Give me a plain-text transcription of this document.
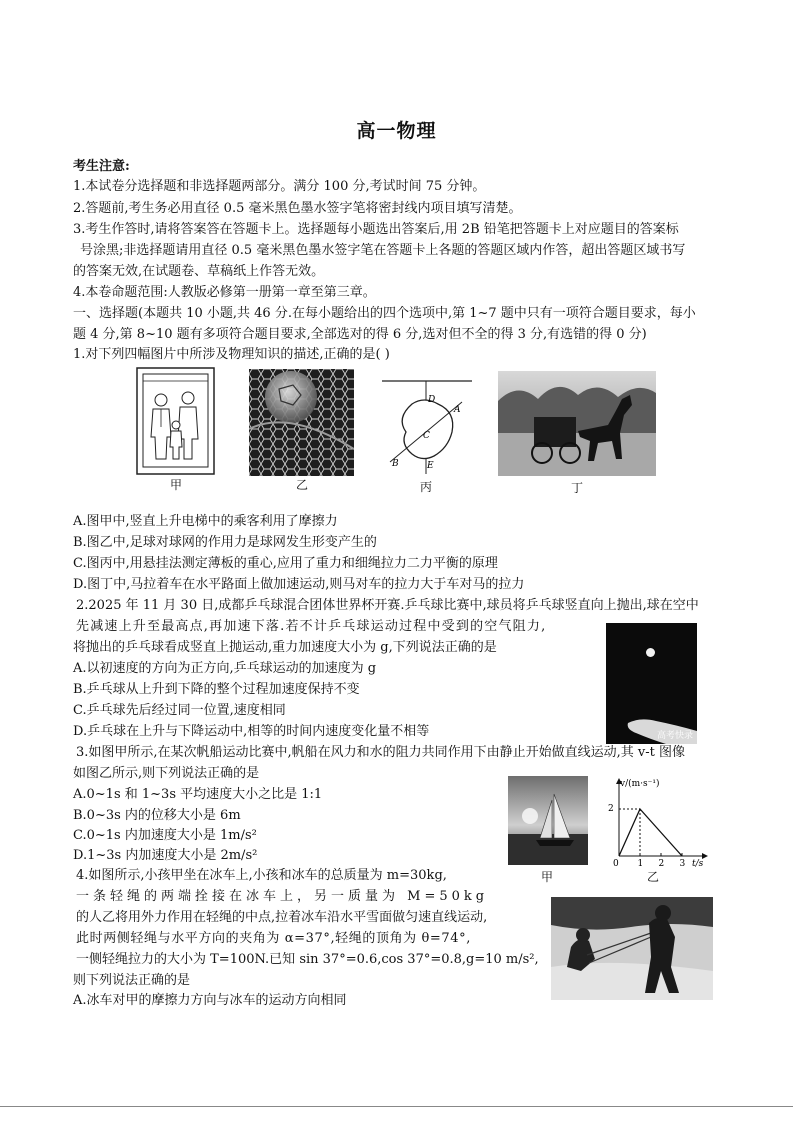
高一物理
考生注意:
1.本试卷分选择题和非选择题两部分。满分 100 分,考试时间 75 分钟。
2.答题前,考生务必用直径 0.5 毫米黑色墨水签字笔将密封线内项目填写清楚。
3.考生作答时,请将答案答在答题卡上。选择题每小题选出答案后,用 2B 铅笔把答题卡上对应题目的答案标
号涂黑;非选择题请用直径 0.5 毫米黑色墨水签字笔在答题卡上各题的答题区域内作答，超出答题区域书写
的答案无效,在试题卷、草稿纸上作答无效。
4.本卷命题范围:人教版必修第一册第一章至第三章。
一、选择题(本题共 10 小题,共 46 分.在每小题给出的四个选项中,第 1~7 题中只有一项符合题目要求，每小
题 4 分,第 8~10 题有多项符合题目要求,全部选对的得 6 分,选对但不全的得 3 分,有选错的得 0 分)
1.对下列四幅图片中所涉及物理知识的描述,正确的是( )
甲	乙
D
A
C
B	E
丙	丁
A.图甲中,竖直上升电梯中的乘客利用了摩擦力
B.图乙中,足球对球网的作用力是球网发生形变产生的
C.图丙中,用悬挂法测定薄板的重心,应用了重力和细绳拉力二力平衡的原理
D.图丁中,马拉着车在水平路面上做加速运动,则马对车的拉力大于车对马的拉力
2.2025 年 11 月 30 日,成都乒乓球混合团体世界杯开赛.乒乓球比赛中,球员将乒乓球竖直向上抛出,球在空中
先减速上升至最高点,再加速下落.若不计乒乓球运动过程中受到的空气阻力,
将抛出的乒乓球看成竖直上抛运动,重力加速度大小为 g,下列说法正确的是
A.以初速度的方向为正方向,乒乓球运动的加速度为 g
B.乒乓球从上升到下降的整个过程加速度保持不变
C.乒乓球先后经过同一位置,速度相同
D.乒乓球在上升与下降运动中,相等的时间内速度变化量不相等	高考快录
3.如图甲所示,在某次帆船运动比赛中,帆船在风力和水的阻力共同作用下由静止开始做直线运动,其 v-t 图像
如图乙所示,则下列说法正确的是
A.0~1s 和 1~3s 平均速度大小之比是 1:1
B.0~3s 内的位移大小是 6m
C.0~1s 内加速度大小是 1m/s²
D.1~3s 内加速度大小是 2m/s²
甲
v/(m·s⁻¹)
t/s
2
0 1 2 3
乙
4.如图所示,小孩甲坐在冰车上,小孩和冰车的总质量为 m=30kg,
一条轻绳的两端拴接在冰车上，另一质量为 M=50kg
的人乙将用外力作用在轻绳的中点,拉着冰车沿水平雪面做匀速直线运动,
此时两侧轻绳与水平方向的夹角为 α=37°,轻绳的顶角为 θ=74°,
一侧轻绳拉力的大小为 T=100N.已知 sin 37°=0.6,cos 37°=0.8,g=10 m/s²,
则下列说法正确的是
A.冰车对甲的摩擦力方向与冰车的运动方向相同
